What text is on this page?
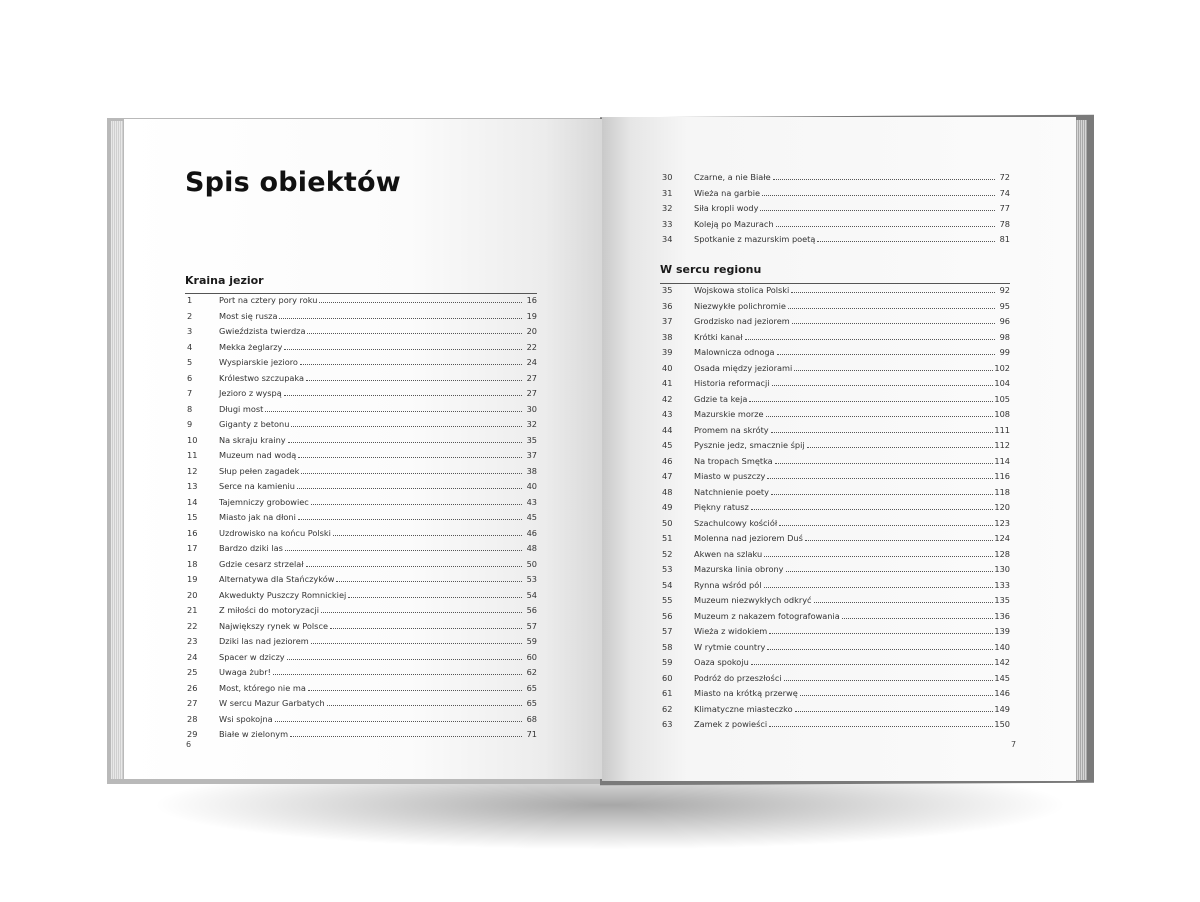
Spis obiektów
Kraina jezior
1	Port na cztery pory roku	16
2	Most się rusza	19
3	Gwieździsta twierdza	20
4	Mekka żeglarzy	22
5	Wyspiarskie jezioro	24
6	Królestwo szczupaka	27
7	Jezioro z wyspą	27
8	Długi most	30
9	Giganty z betonu	32
10	Na skraju krainy	35
11	Muzeum nad wodą	37
12	Słup pełen zagadek	38
13	Serce na kamieniu	40
14	Tajemniczy grobowiec	43
15	Miasto jak na dłoni	45
16	Uzdrowisko na końcu Polski	46
17	Bardzo dziki las	48
18	Gdzie cesarz strzelał	50
19	Alternatywa dla Stańczyków	53
20	Akwedukty Puszczy Romnickiej	54
21	Z miłości do motoryzacji	56
22	Największy rynek w Polsce	57
23	Dziki las nad jeziorem	59
24	Spacer w dziczy	60
25	Uwaga żubr!	62
26	Most, którego nie ma	65
27	W sercu Mazur Garbatych	65
28	Wsi spokojna	68
29	Białe w zielonym	71
6
30	Czarne, a nie Białe	72
31	Wieża na garbie	74
32	Siła kropli wody	77
33	Koleją po Mazurach	78
34	Spotkanie z mazurskim poetą	81
W sercu regionu
35	Wojskowa stolica Polski	92
36	Niezwykłe polichromie	95
37	Grodzisko nad jeziorem	96
38	Krótki kanał	98
39	Malownicza odnoga	99
40	Osada między jeziorami	102
41	Historia reformacji	104
42	Gdzie ta keja	105
43	Mazurskie morze	108
44	Promem na skróty	111
45	Pysznie jedz, smacznie śpij	112
46	Na tropach Smętka	114
47	Miasto w puszczy	116
48	Natchnienie poety	118
49	Piękny ratusz	120
50	Szachulcowy kościół	123
51	Molenna nad jeziorem Duś	124
52	Akwen na szlaku	128
53	Mazurska linia obrony	130
54	Rynna wśród pól	133
55	Muzeum niezwykłych odkryć	135
56	Muzeum z nakazem fotografowania	136
57	Wieża z widokiem	139
58	W rytmie country	140
59	Oaza spokoju	142
60	Podróż do przeszłości	145
61	Miasto na krótką przerwę	146
62	Klimatyczne miasteczko	149
63	Zamek z powieści	150
7
